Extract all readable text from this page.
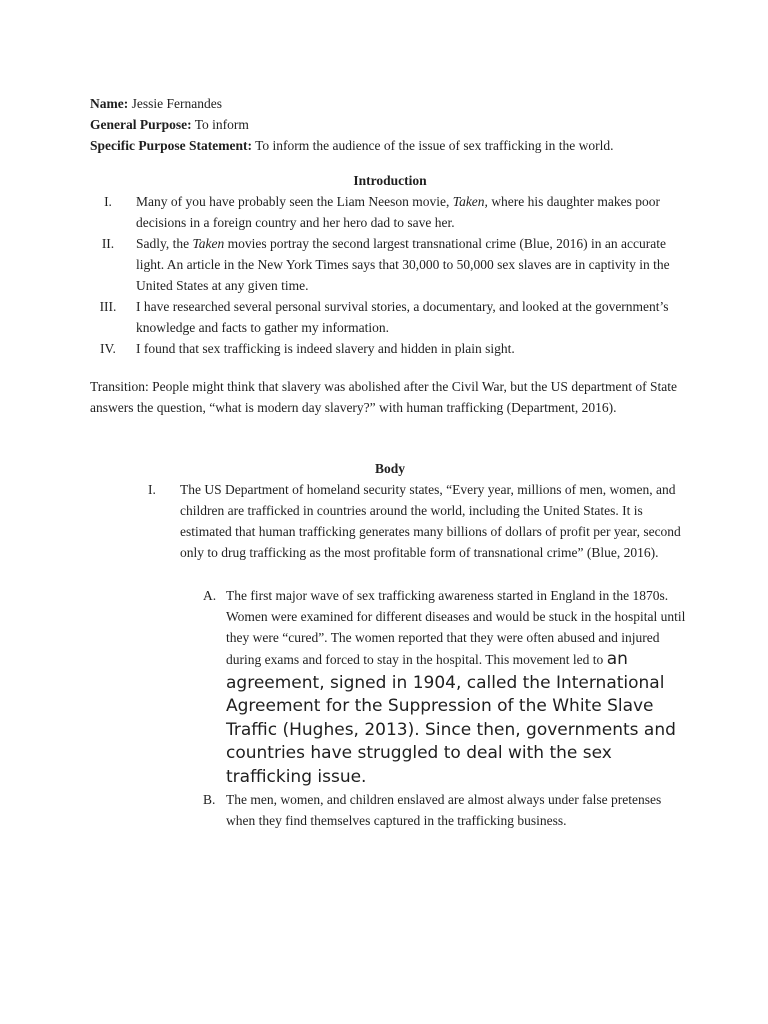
Name: Jessie Fernandes

General Purpose: To inform

Specific Purpose Statement: To inform the audience of the issue of sex trafficking in the world.

Introduction

I.	Many of you have probably seen the Liam Neeson movie, Taken, where his daughter makes poor decisions in a foreign country and her hero dad to save her.

II.	Sadly, the Taken movies portray the second largest transnational crime (Blue, 2016) in an accurate light. An article in the New York Times says that 30,000 to 50,000 sex slaves are in captivity in the United States at any given time.

III.	I have researched several personal survival stories, a documentary, and looked at the government’s knowledge and facts to gather my information.

IV.	I found that sex trafficking is indeed slavery and hidden in plain sight.

Transition: People might think that slavery was abolished after the Civil War, but the US department of State answers the question, “what is modern day slavery?” with human trafficking (Department, 2016).

Body

I. The US Department of homeland security states, “Every year, millions of men, women, and children are trafficked in countries around the world, including the United States. It is estimated that human trafficking generates many billions of dollars of profit per year, second only to drug trafficking as the most profitable form of transnational crime” (Blue, 2016).

A. The first major wave of sex trafficking awareness started in England in the 1870s. Women were examined for different diseases and would be stuck in the hospital until they were “cured”. The women reported that they were often abused and injured during exams and forced to stay in the hospital. This movement led to an agreement, signed in 1904, called the International Agreement for the Suppression of the White Slave Traffic (Hughes, 2013). Since then, governments and countries have struggled to deal with the sex trafficking issue.

B. The men, women, and children enslaved are almost always under false pretenses when they find themselves captured in the trafficking business.
